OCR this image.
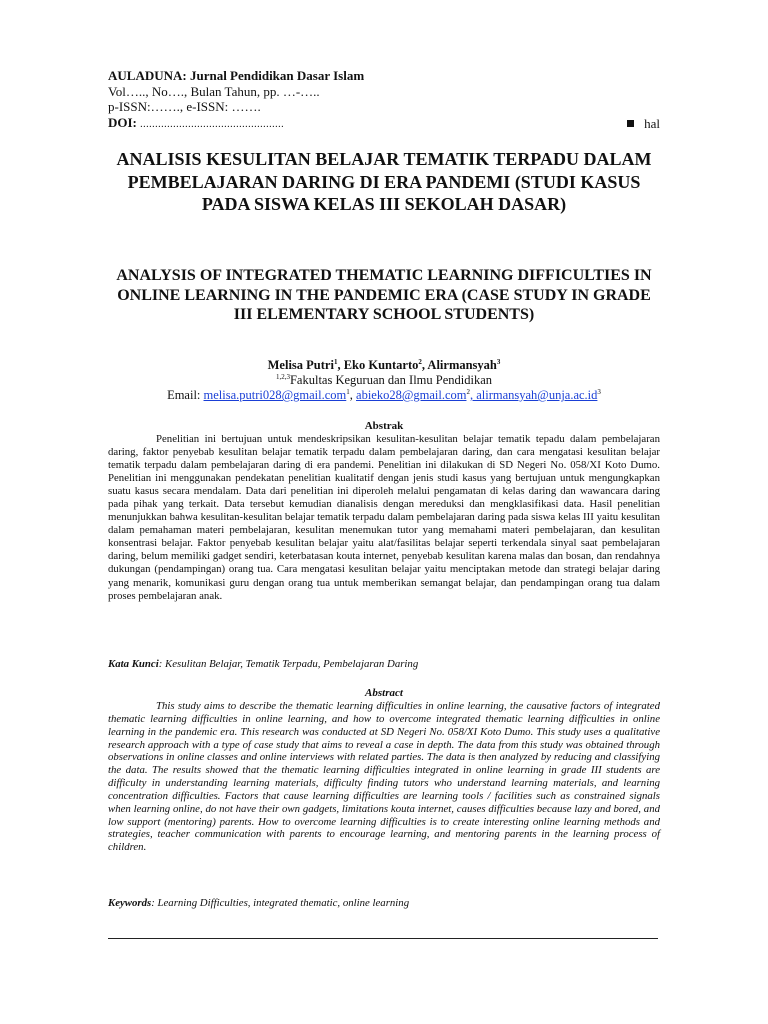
AULADUNA: Jurnal Pendidikan Dasar Islam
Vol….., No…., Bulan Tahun, pp. …-…..
p-ISSN:……., e-ISSN: …….
DOI: ................................................	hal
ANALISIS KESULITAN BELAJAR TEMATIK TERPADU DALAM PEMBELAJARAN DARING DI ERA PANDEMI (STUDI KASUS PADA SISWA KELAS III SEKOLAH DASAR)
ANALYSIS OF INTEGRATED THEMATIC LEARNING DIFFICULTIES IN ONLINE LEARNING IN THE PANDEMIC ERA (CASE STUDY IN GRADE III ELEMENTARY SCHOOL STUDENTS)
Melisa Putri$^1$, Eko Kuntarto$^2$, Alirmansyah$^3$
$^{1,2,3}$Fakultas Keguruan dan Ilmu Pendidikan
Email: melisa.putri028@gmail.com$^1$, abieko28@gmail.com$^2$, $alirmansyah@unja.ac.id^3$
Abstrak

Penelitian ini bertujuan untuk mendeskripsikan kesulitan-kesulitan belajar tematik tepadu dalam pembelajaran daring, faktor penyebab kesulitan belajar tematik terpadu dalam pembelajaran daring, dan cara mengatasi kesulitan belajar tematik terpadu dalam pembelajaran daring di era pandemi. Penelitian ini dilakukan di SD Negeri No. 058/XI Koto Dumo. Penelitian ini menggunakan pendekatan penelitian kualitatif dengan jenis studi kasus yang bertujuan untuk mengungkapkan suatu kasus secara mendalam. Data dari penelitian ini diperoleh melalui pengamatan di kelas daring dan wawancara daring pada pihak yang terkait. Data tersebut kemudian dianalisis dengan mereduksi dan mengklasifikasi data. Hasil penelitian menunjukkan bahwa kesulitan-kesulitan belajar tematik terpadu dalam pembelajaran daring pada siswa kelas III yaitu kesulitan dalam pemahaman materi pembelajaran, kesulitan menemukan tutor yang memahami materi pembelajaran, dan kesulitan konsentrasi belajar. Faktor penyebab kesulitan belajar yaitu alat/fasilitas belajar seperti terkendala sinyal saat pembelajaran daring, belum memiliki gadget sendiri, keterbatasan kouta internet, penyebab kesulitan karena malas dan bosan, dan rendahnya dukungan (pendampingan) orang tua. Cara mengatasi kesulitan belajar yaitu menciptakan metode dan strategi belajar daring yang menarik, komunikasi guru dengan orang tua untuk memberikan semangat belajar, dan pendampingan orang tua dalam proses pembelajaran anak.

Kata Kunci: Kesulitan Belajar, Tematik Terpadu, Pembelajaran Daring
Abstract

This study aims to describe the thematic learning difficulties in online learning, the causative factors of integrated thematic learning difficulties in online learning, and how to overcome integrated thematic learning difficulties in online learning in the pandemic era. This research was conducted at SD Negeri No. 058/XI Koto Dumo. This study uses a qualitative research approach with a type of case study that aims to reveal a case in depth. The data from this study was obtained through observations in online classes and online interviews with related parties. The data is then analyzed by reducing and classifying the data. The results showed that the thematic learning difficulties integrated in online learning in grade III students are difficulty in understanding learning materials, difficulty finding tutors who understand learning materials, and learning concentration difficulties. Factors that cause learning difficulties are learning tools / facilities such as constrained signals when learning online, do not have their own gadgets, limitations kouta internet, causes difficulties because lazy and bored, and low support (mentoring) parents. How to overcome learning difficulties is to create interesting online learning methods and strategies, teacher communication with parents to encourage learning, and mentoring parents in the learning process of children.

Keywords: Learning Difficulties, integrated thematic, online learning
